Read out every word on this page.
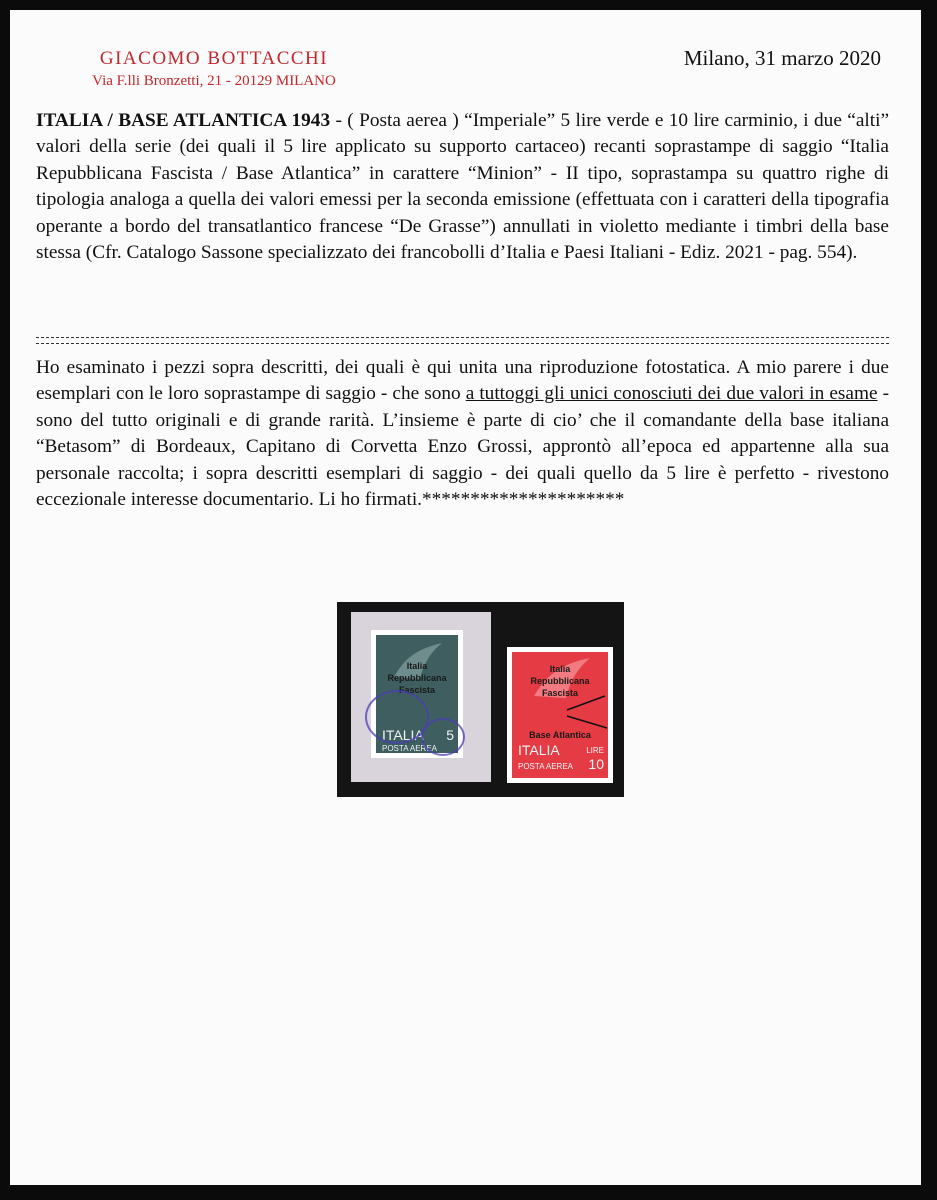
GIACOMO BOTTACCHI
Via F.lli Bronzetti, 21 - 20129 MILANO
Milano, 31 marzo 2020
ITALIA / BASE ATLANTICA 1943 - ( Posta aerea ) “Imperiale” 5 lire verde e 10 lire carminio, i due “alti” valori della serie (dei quali il 5 lire applicato su supporto cartaceo) recanti soprastampe di saggio “Italia Repubblicana Fascista / Base Atlantica” in carattere “Minion” - II tipo, soprastampa su quattro righe di tipologia analoga a quella dei valori emessi per la seconda emissione (effettuata con i caratteri della tipografia operante a bordo del transatlantico francese “De Grasse”) annullati in violetto mediante i timbri della base stessa (Cfr. Catalogo Sassone specializzato dei francobolli d’Italia e Paesi Italiani - Ediz. 2021 - pag. 554).
Ho esaminato i pezzi sopra descritti, dei quali è qui unita una riproduzione fotostatica. A mio parere i due esemplari con le loro soprastampe di saggio - che sono a tuttoggi gli unici conosciuti dei due valori in esame - sono del tutto originali e di grande rarità. L’insieme è parte di cio’ che il comandante della base italiana “Betasom” di Bordeaux, Capitano di Corvetta Enzo Grossi, approntò all’epoca ed appartenne alla sua personale raccolta; i sopra descritti esemplari di saggio - dei quali quello da 5 lire è perfetto - rivestono eccezionale interesse documentario. Li ho firmati.*********************
Italia
Repubblicana
Fascista
ITALIA
POSTA AEREA
5
Italia
Repubblicana
Fascista
Base Atlantica
ITALIA
POSTA AEREA
LIRE
10
